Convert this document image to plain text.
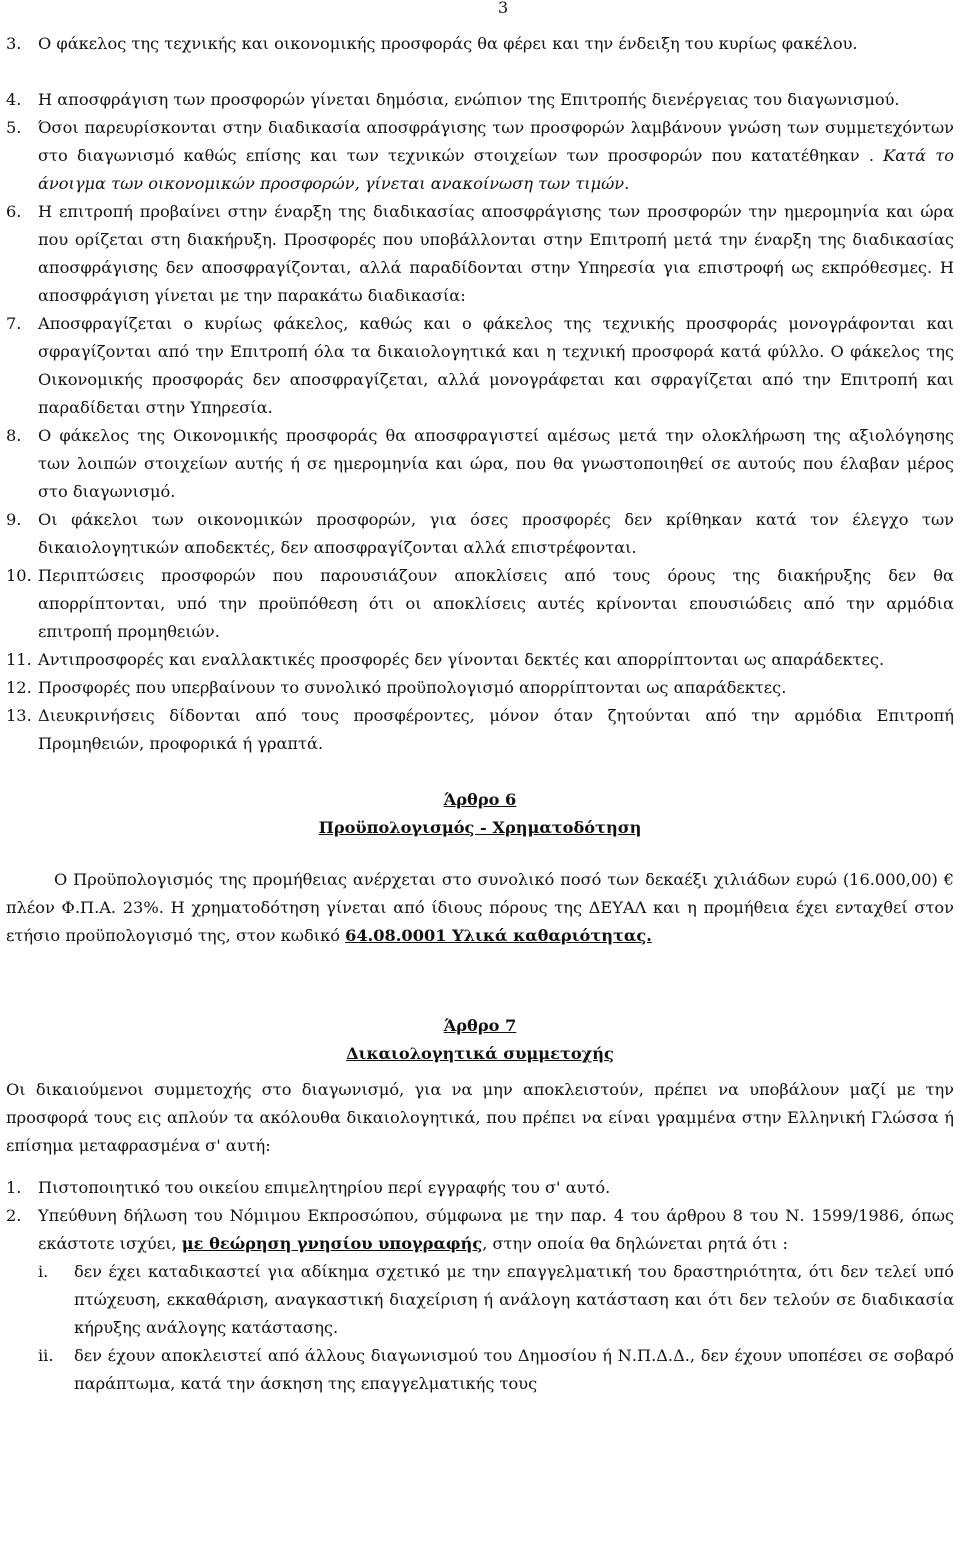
3
3. Ο φάκελος της τεχνικής και οικονομικής προσφοράς θα φέρει και την ένδειξη του κυρίως φακέλου.
4. Η αποσφράγιση των προσφορών γίνεται δημόσια, ενώπιον της Επιτροπής διενέργειας του διαγωνισμού.
5. Όσοι παρευρίσκονται στην διαδικασία αποσφράγισης των προσφορών λαμβάνουν γνώση των συμμετεχόντων στο διαγωνισμό καθώς επίσης και των τεχνικών στοιχείων των προσφορών που κατατέθηκαν . Κατά το άνοιγμα των οικονομικών προσφορών, γίνεται ανακοίνωση των τιμών.
6. Η επιτροπή προβαίνει στην έναρξη της διαδικασίας αποσφράγισης των προσφορών την ημερομηνία και ώρα που ορίζεται στη διακήρυξη. Προσφορές που υποβάλλονται στην Επιτροπή μετά την έναρξη της διαδικασίας αποσφράγισης δεν αποσφραγίζονται, αλλά παραδίδονται στην Υπηρεσία για επιστροφή ως εκπρόθεσμες. Η αποσφράγιση γίνεται με την παρακάτω διαδικασία:
7. Αποσφραγίζεται ο κυρίως φάκελος, καθώς και ο φάκελος της τεχνικής προσφοράς μονογράφονται και σφραγίζονται από την Επιτροπή όλα τα δικαιολογητικά και η τεχνική προσφορά κατά φύλλο. Ο φάκελος της Οικονομικής προσφοράς δεν αποσφραγίζεται, αλλά μονογράφεται και σφραγίζεται από την Επιτροπή και παραδίδεται στην Υπηρεσία.
8. Ο φάκελος της Οικονομικής προσφοράς θα αποσφραγιστεί αμέσως μετά την ολοκλήρωση της αξιολόγησης των λοιπών στοιχείων αυτής ή σε ημερομηνία και ώρα, που θα γνωστοποιηθεί σε αυτούς που έλαβαν μέρος στο διαγωνισμό.
9. Οι φάκελοι των οικονομικών προσφορών, για όσες προσφορές δεν κρίθηκαν κατά τον έλεγχο των δικαιολογητικών αποδεκτές, δεν αποσφραγίζονται αλλά επιστρέφονται.
10. Περιπτώσεις προσφορών που παρουσιάζουν αποκλίσεις από τους όρους της διακήρυξης δεν θα απορρίπτονται, υπό την προϋπόθεση ότι οι αποκλίσεις αυτές κρίνονται επουσιώδεις από την αρμόδια επιτροπή προμηθειών.
11. Αντιπροσφορές και εναλλακτικές προσφορές δεν γίνονται δεκτές και απορρίπτονται ως απαράδεκτες.
12. Προσφορές που υπερβαίνουν το συνολικό προϋπολογισμό απορρίπτονται ως απαράδεκτες.
13. Διευκρινήσεις δίδονται από τους προσφέροντες, μόνον όταν ζητούνται από την αρμόδια Επιτροπή Προμηθειών, προφορικά ή γραπτά.
Άρθρο 6
Προϋπολογισμός - Χρηματοδότηση
Ο Προϋπολογισμός της προμήθειας ανέρχεται στο συνολικό ποσό των δεκαέξι χιλιάδων ευρώ (16.000,00) € πλέον Φ.Π.Α. 23%. Η χρηματοδότηση γίνεται από ίδιους πόρους της ΔΕΥΑΛ και η προμήθεια έχει ενταχθεί στον ετήσιο προϋπολογισμό της, στον κωδικό 64.08.0001 Υλικά καθαριότητας.
Άρθρο 7
Δικαιολογητικά συμμετοχής
Οι δικαιούμενοι συμμετοχής στο διαγωνισμό, για να μην αποκλειστούν, πρέπει να υποβάλουν μαζί με την προσφορά τους εις απλούν τα ακόλουθα δικαιολογητικά, που πρέπει να είναι γραμμένα στην Ελληνική Γλώσσα ή επίσημα μεταφρασμένα σ' αυτή:
1. Πιστοποιητικό του οικείου επιμελητηρίου περί εγγραφής του σ' αυτό.
2. Υπεύθυνη δήλωση του Νόμιμου Εκπροσώπου, σύμφωνα με την παρ. 4 του άρθρου 8 του Ν. 1599/1986, όπως εκάστοτε ισχύει, με θεώρηση γνησίου υπογραφής, στην οποία θα δηλώνεται ρητά ότι :
i. δεν έχει καταδικαστεί για αδίκημα σχετικό με την επαγγελματική του δραστηριότητα, ότι δεν τελεί υπό πτώχευση, εκκαθάριση, αναγκαστική διαχείριση ή ανάλογη κατάσταση και ότι δεν τελούν σε διαδικασία κήρυξης ανάλογης κατάστασης.
ii. δεν έχουν αποκλειστεί από άλλους διαγωνισμού του Δημοσίου ή Ν.Π.Δ.Δ., δεν έχουν υποπέσει σε σοβαρό παράπτωμα, κατά την άσκηση της επαγγελματικής τους
